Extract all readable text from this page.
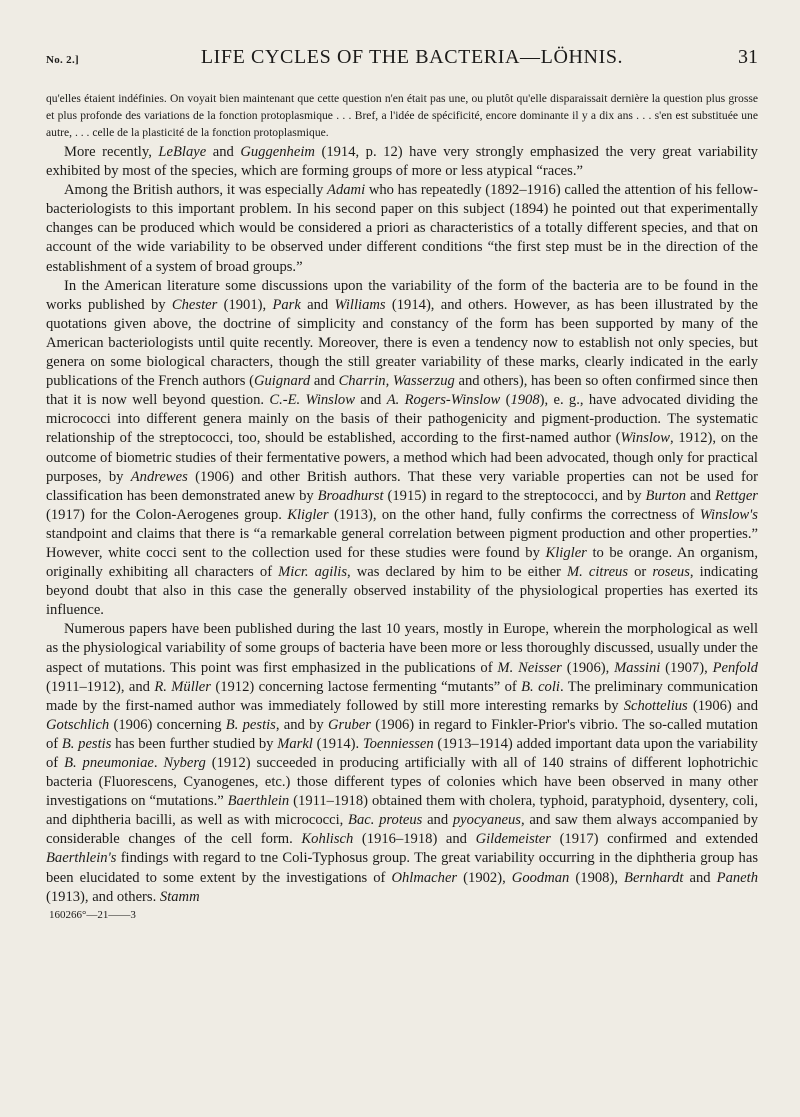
No. 2.]	LIFE CYCLES OF THE BACTERIA—LÖHNIS.	31
qu'elles étaient indéfinies. On voyait bien maintenant que cette question n'en était pas une, ou plutôt qu'elle disparaissait dernière la question plus grosse et plus profonde des variations de la fonction protoplasmique . . . Bref, a l'idée de spécificité, encore dominante il y a dix ans . . . s'en est substituée une autre, . . . celle de la plasticité de la fonction protoplasmique.

More recently, LeBlaye and Guggenheim (1914, p. 12) have very strongly emphasized the very great variability exhibited by most of the species, which are forming groups of more or less atypical “races.”

Among the British authors, it was especially Adami who has repeatedly (1892–1916) called the attention of his fellow-bacteriologists to this important problem. In his second paper on this subject (1894) he pointed out that experimentally changes can be produced which would be considered a priori as characteristics of a totally different species, and that on account of the wide variability to be observed under different conditions “the first step must be in the direction of the establishment of a system of broad groups.”

In the American literature some discussions upon the variability of the form of the bacteria are to be found in the works published by Chester (1901), Park and Williams (1914), and others. However, as has been illustrated by the quotations given above, the doctrine of simplicity and constancy of the form has been supported by many of the American bacteriologists until quite recently. Moreover, there is even a tendency now to establish not only species, but genera on some biological characters, though the still greater variability of these marks, clearly indicated in the early publications of the French authors (Guignard and Charrin, Wasserzug and others), has been so often confirmed since then that it is now well beyond question. C.-E. Winslow and A. Rogers-Winslow (1908), e. g., have advocated dividing the micrococci into different genera mainly on the basis of their pathogenicity and pigment-production. The systematic relationship of the streptococci, too, should be established, according to the first-named author (Winslow, 1912), on the outcome of biometric studies of their fermentative powers, a method which had been advocated, though only for practical purposes, by Andrewes (1906) and other British authors. That these very variable properties can not be used for classification has been demonstrated anew by Broadhurst (1915) in regard to the streptococci, and by Burton and Rettger (1917) for the Colon-Aerogenes group. Kligler (1913), on the other hand, fully confirms the correctness of Winslow's standpoint and claims that there is “a remarkable general correlation between pigment production and other properties.” However, white cocci sent to the collection used for these studies were found by Kligler to be orange. An organism, originally exhibiting all characters of Micr. agilis, was declared by him to be either M. citreus or roseus, indicating beyond doubt that also in this case the generally observed instability of the physiological properties has exerted its influence.

Numerous papers have been published during the last 10 years, mostly in Europe, wherein the morphological as well as the physiological variability of some groups of bacteria have been more or less thoroughly discussed, usually under the aspect of mutations. This point was first emphasized in the publications of M. Neisser (1906), Massini (1907), Penfold (1911–1912), and R. Müller (1912) concerning lactose fermenting “mutants” of B. coli. The preliminary communication made by the first-named author was immediately followed by still more interesting remarks by Schottelius (1906) and Gotschlich (1906) concerning B. pestis, and by Gruber (1906) in regard to Finkler-Prior's vibrio. The so-called mutation of B. pestis has been further studied by Markl (1914). Toenniessen (1913–1914) added important data upon the variability of B. pneumoniae. Nyberg (1912) succeeded in producing artificially with all of 140 strains of different lophotrichic bacteria (Fluorescens, Cyanogenes, etc.) those different types of colonies which have been observed in many other investigations on “mutations.” Baerthlein (1911–1918) obtained them with cholera, typhoid, paratyphoid, dysentery, coli, and diphtheria bacilli, as well as with micrococci, Bac. proteus and pyocyaneus, and saw them always accompanied by considerable changes of the cell form. Kohlisch (1916–1918) and Gildemeister (1917) confirmed and extended Baerthlein's findings with regard to tne Coli-Typhosus group. The great variability occurring in the diphtheria group has been elucidated to some extent by the investigations of Ohlmacher (1902), Goodman (1908), Bernhardt and Paneth (1913), and others. Stamm

160266°—21——3
